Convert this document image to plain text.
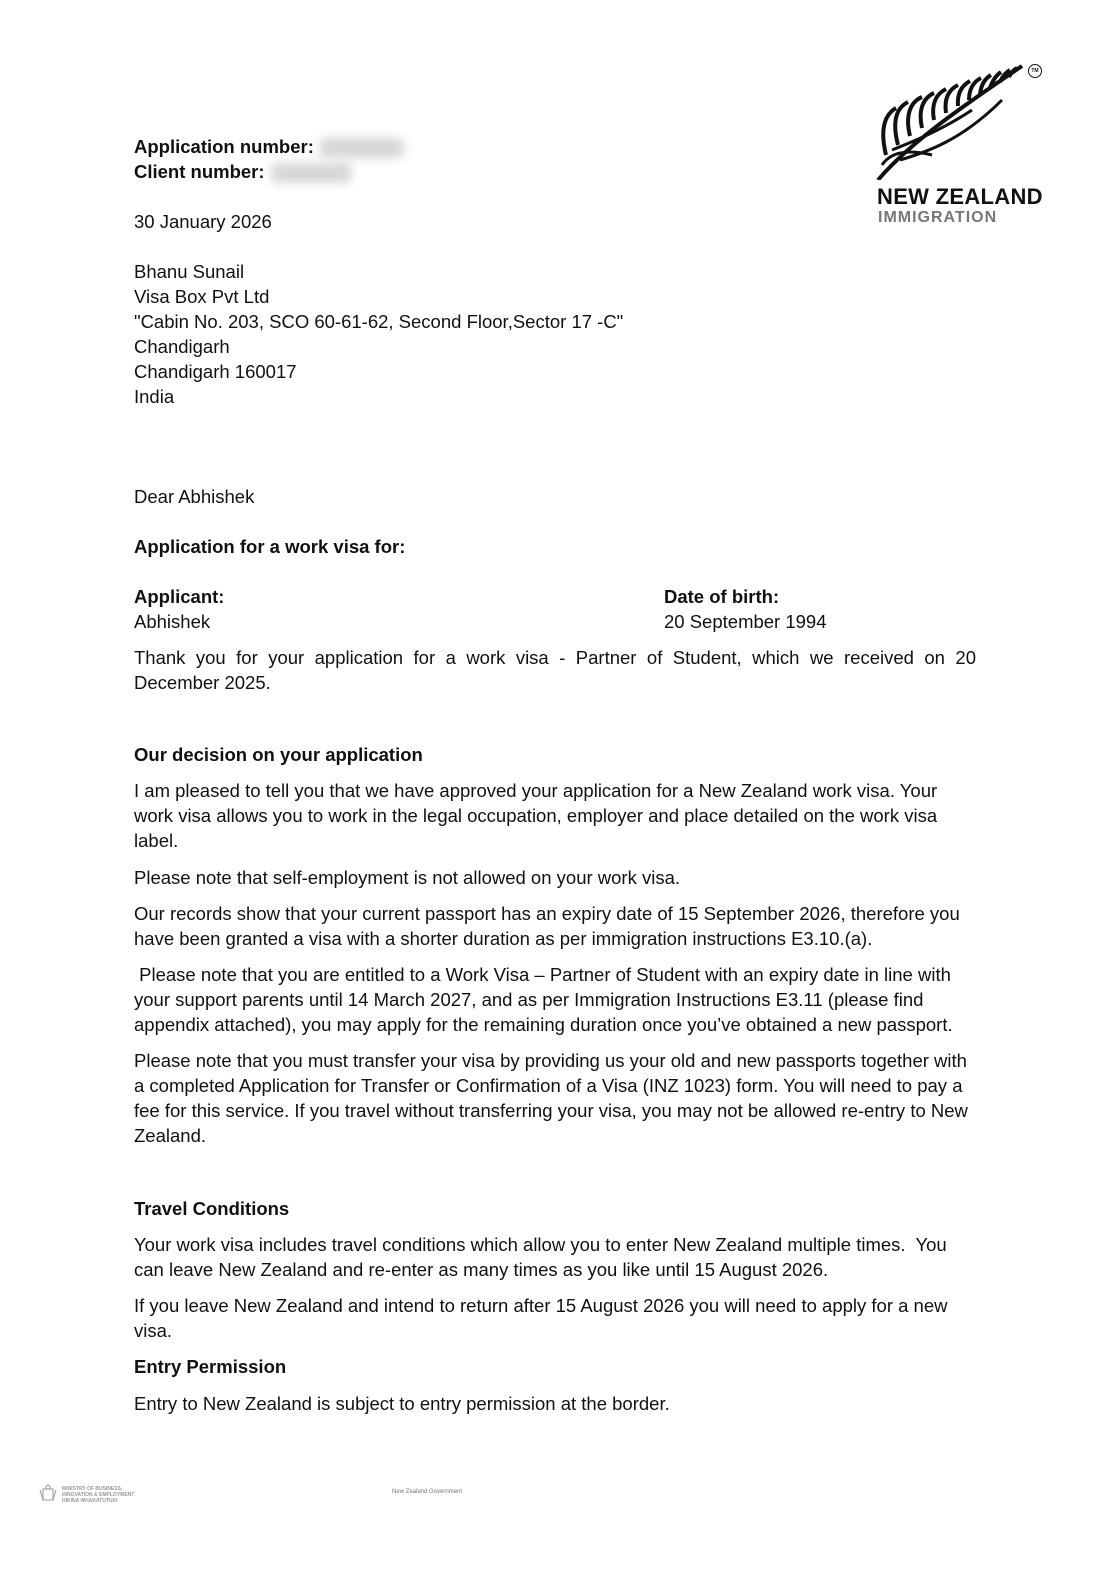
TM
NEW ZEALAND
IMMIGRATION
Application number:
Client number:
30 January 2026
Bhanu Sunail
Visa Box Pvt Ltd
"Cabin No. 203, SCO 60-61-62, Second Floor,Sector 17 -C"
Chandigarh
Chandigarh 160017
India
Dear Abhishek
Application for a work visa for:
Applicant:
Abhishek
Date of birth:
20 September 1994
Thank you for your application for a work visa - Partner of Student, which we received on 20 December 2025.
Our decision on your application
I am pleased to tell you that we have approved your application for a New Zealand work visa. Your work visa allows you to work in the legal occupation, employer and place detailed on the work visa label.
Please note that self-employment is not allowed on your work visa.
Our records show that your current passport has an expiry date of 15 September 2026, therefore you have been granted a visa with a shorter duration as per immigration instructions E3.10.(a).
Please note that you are entitled to a Work Visa – Partner of Student with an expiry date in line with your support parents until 14 March 2027, and as per Immigration Instructions E3.11 (please find appendix attached), you may apply for the remaining duration once you’ve obtained a new passport.
Please note that you must transfer your visa by providing us your old and new passports together with a completed Application for Transfer or Confirmation of a Visa (INZ 1023) form. You will need to pay a fee for this service. If you travel without transferring your visa, you may not be allowed re-entry to New Zealand.
Travel Conditions
Your work visa includes travel conditions which allow you to enter New Zealand multiple times.  You can leave New Zealand and re-enter as many times as you like until 15 August 2026.
If you leave New Zealand and intend to return after 15 August 2026 you will need to apply for a new visa.
Entry Permission
Entry to New Zealand is subject to entry permission at the border.
MINISTRY OF BUSINESS,
INNOVATION & EMPLOYMENT
HIKINA WHAKATUTUKI
New Zealand Government
